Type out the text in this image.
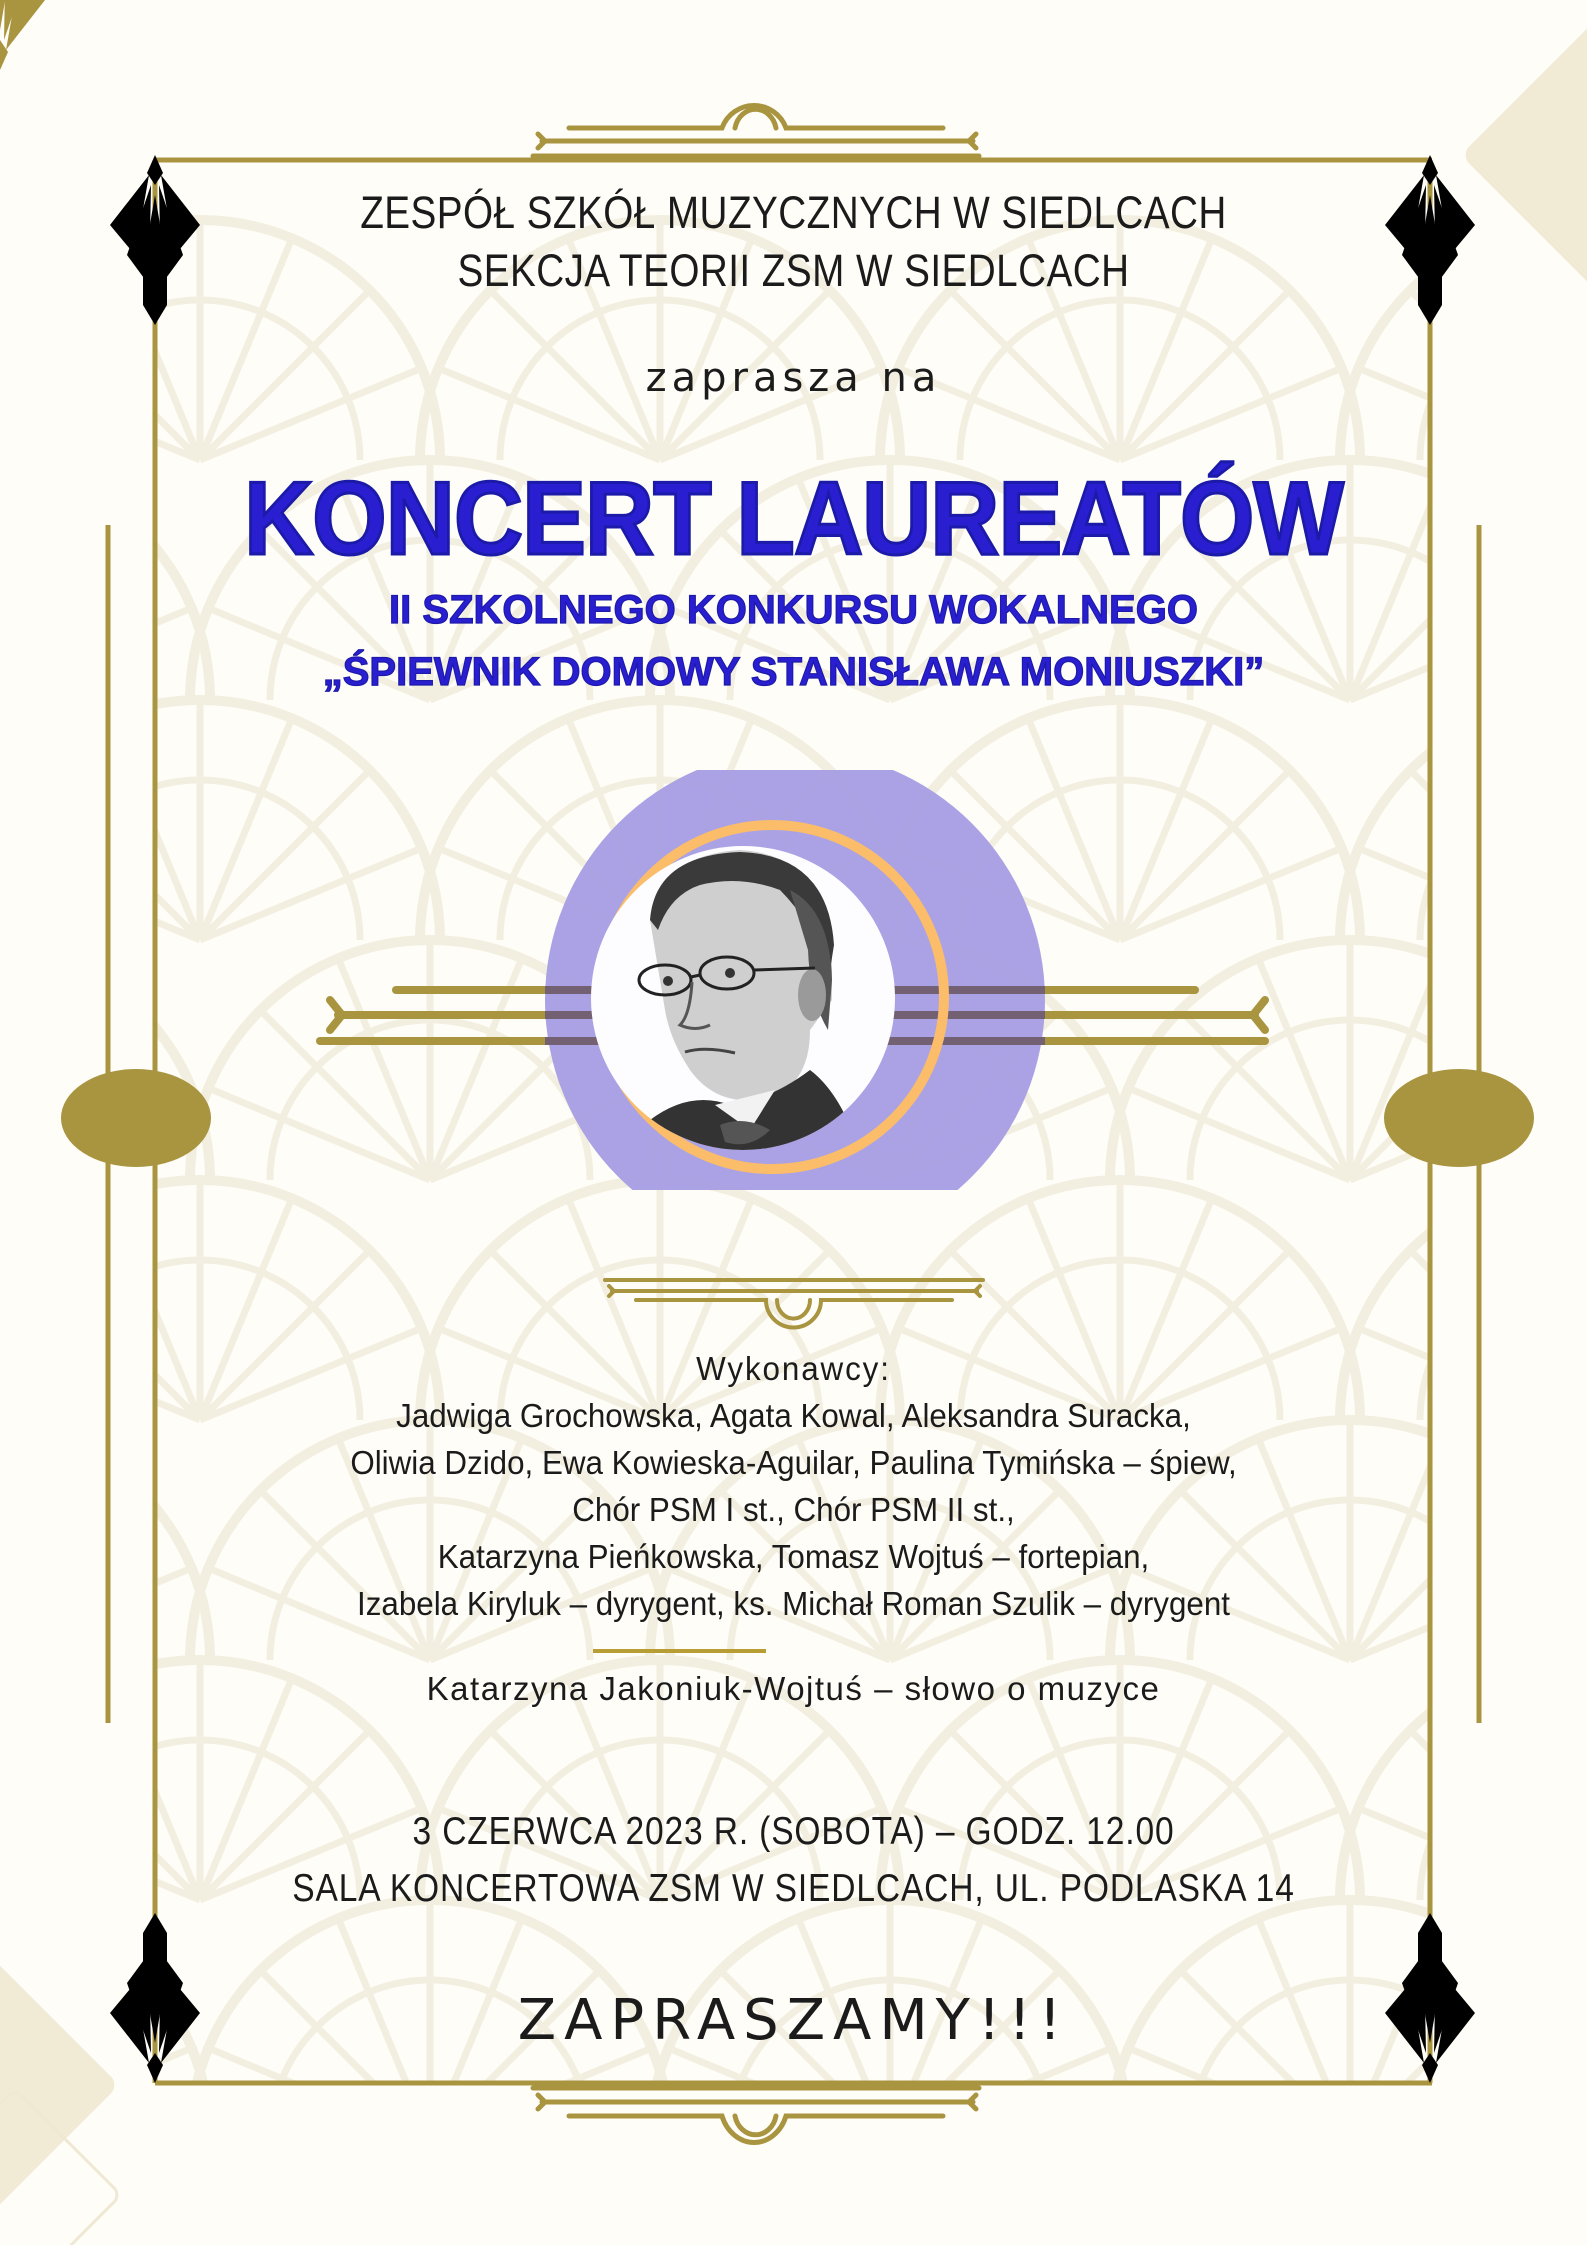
ZESPÓŁ SZKÓŁ MUZYCZNYCH W SIEDLCACH
SEKCJA TEORII ZSM W SIEDLCACH
zaprasza na
KONCERT LAUREATÓW
II SZKOLNEGO KONKURSU WOKALNEGO
„ŚPIEWNIK DOMOWY STANISŁAWA MONIUSZKI”
Wykonawcy:
Jadwiga Grochowska, Agata Kowal, Aleksandra Suracka,
Oliwia Dzido, Ewa Kowieska-Aguilar, Paulina Tymińska – śpiew,
Chór PSM I st., Chór PSM II st.,
Katarzyna Pieńkowska, Tomasz Wojtuś – fortepian,
Izabela Kiryluk – dyrygent, ks. Michał Roman Szulik – dyrygent
Katarzyna Jakoniuk-Wojtuś – słowo o muzyce
3 CZERWCA 2023 R. (SOBOTA) – GODZ. 12.00
SALA KONCERTOWA ZSM W SIEDLCACH, UL. PODLASKA 14
ZAPRASZAMY!!!
